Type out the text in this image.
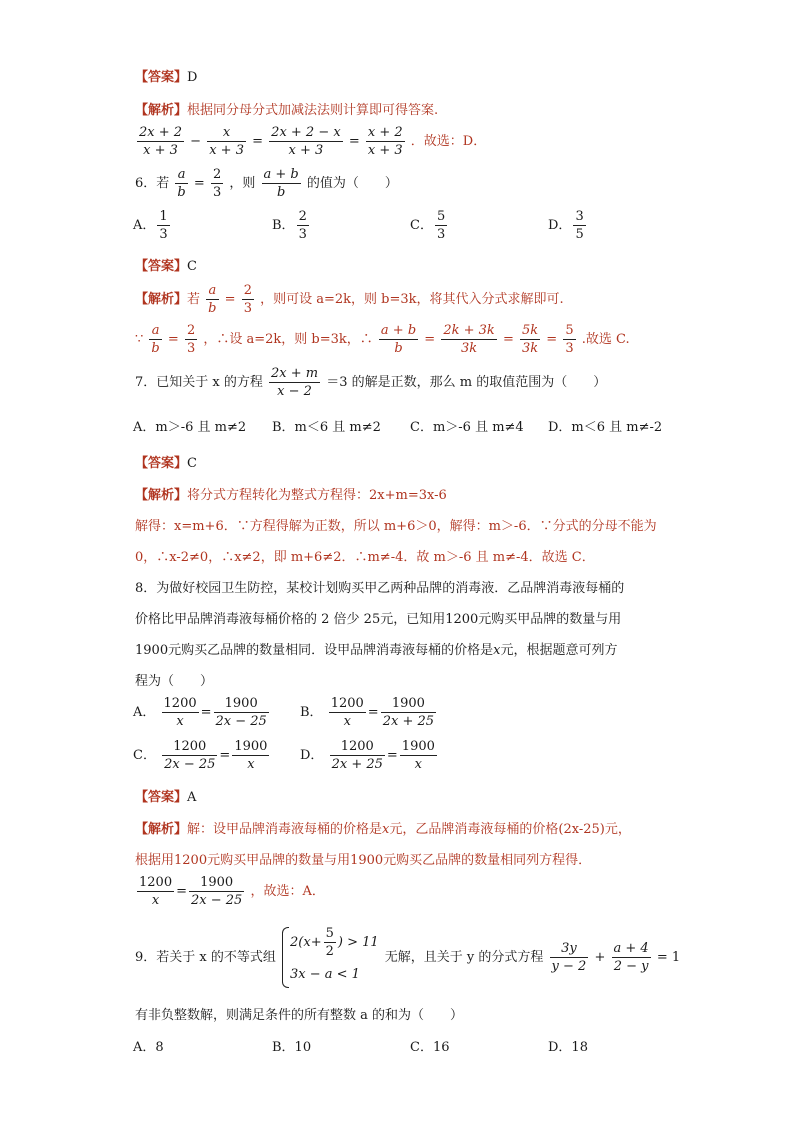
【答案】D
【解析】根据同分母分式加减法法则计算即可得答案.
$\frac{2x + 2}{x + 3} - \frac{x}{x + 3} = \frac{2x + 2 - x}{x + 3} = \frac{x + 2}{x + 3}$ ．故选：D．
6．若 $\frac{a}{b} = \frac{2}{3}$ ，则 $\frac{a + b}{b}$ 的值为（　　）
A． $\frac{1}{3}$	B． $\frac{2}{3}$	C． $\frac{5}{3}$	D． $\frac{3}{5}$
【答案】C
【解析】若 $\frac{a}{b} = \frac{2}{3}$ ，则可设 a=2k，则 b=3k，将其代入分式求解即可.
∵ $\frac{a}{b} = \frac{2}{3}$ ，∴设 a=2k，则 b=3k，∴ $\frac{a + b}{b} = \frac{2k + 3k}{3k} = \frac{5k}{3k} = \frac{5}{3}$ .故选 C.
7．已知关于 x 的方程 $\frac{2x + m}{x - 2} =3$ 的解是正数，那么 m 的取值范围为（　　）
A．m＞-6 且 m≠2 B．m＜6 且 m≠2 C．m＞-6 且 m≠4 D．m＜6 且 m≠-2
【答案】C
【解析】将分式方程转化为整式方程得：2x+m=3x-6
解得：x=m+6．∵方程得解为正数，所以 m+6＞0，解得：m＞-6．∵分式的分母不能为
0，∴x-2≠0，∴x≠2，即 m+6≠2．∴m≠-4．故 m＞-6 且 m≠-4．故选 C．
8．为做好校园卫生防控，某校计划购买甲乙两种品牌的消毒液．乙品牌消毒液每桶的
价格比甲品牌消毒液每桶价格的 2 倍少 25元，已知用1200元购买甲品牌的数量与用
1900元购买乙品牌的数量相同．设甲品牌消毒液每桶的价格是x元，根据题意可列方
程为（　　）
A． $\frac{1200}{x} = \frac{1900}{2x - 25}$ B． $\frac{1200}{x} = \frac{1900}{2x + 25}$
C． $\frac{1200}{2x - 25} = \frac{1900}{x}$ D． $\frac{1200}{2x + 25} = \frac{1900}{x}$
【答案】A
【解析】解：设甲品牌消毒液每桶的价格是x元，乙品牌消毒液每桶的价格(2x-25)元，
根据用1200元购买甲品牌的数量与用1900元购买乙品牌的数量相同列方程得．
$\frac{1200}{x} = \frac{1900}{2x - 25}$ ，故选：A．
9．若关于 x 的不等式组
$2(x+ \frac{5}{2}$ ) > 11
3x − a < 1
无解，且关于 y 的分式方程 $\frac{3y}{y - 2} + \frac{a + 4}{2 - y} = 1$
有非负整数解，则满足条件的所有整数 a 的和为（　　）
A．8	B．10	C．16	D．18
